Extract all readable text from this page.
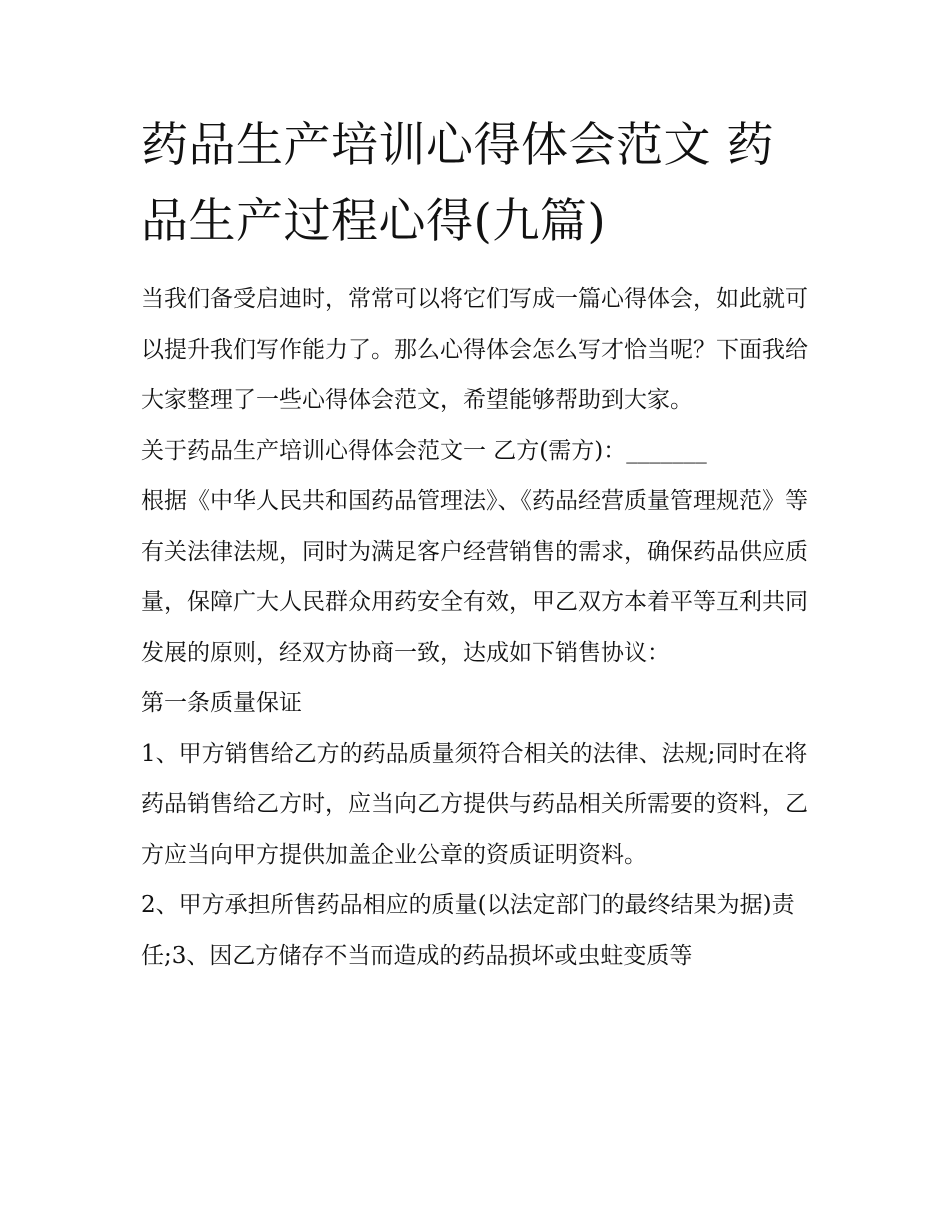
药品生产培训心得体会范文 药品生产过程心得(九篇)

当我们备受启迪时，常常可以将它们写成一篇心得体会，如此就可以提升我们写作能力了。那么心得体会怎么写才恰当呢？下面我给大家整理了一些心得体会范文，希望能够帮助到大家。

关于药品生产培训心得体会范文一 乙方(需方)：_______

根据《中华人民共和国药品管理法》、《药品经营质量管理规范》等有关法律法规，同时为满足客户经营销售的需求，确保药品供应质量，保障广大人民群众用药安全有效，甲乙双方本着平等互利共同发展的原则，经双方协商一致，达成如下销售协议：

第一条质量保证

1、甲方销售给乙方的药品质量须符合相关的法律、法规;同时在将药品销售给乙方时，应当向乙方提供与药品相关所需要的资料，乙方应当向甲方提供加盖企业公章的资质证明资料。

2、甲方承担所售药品相应的质量(以法定部门的最终结果为据)责任;3、因乙方储存不当而造成的药品损坏或虫蛀变质等
